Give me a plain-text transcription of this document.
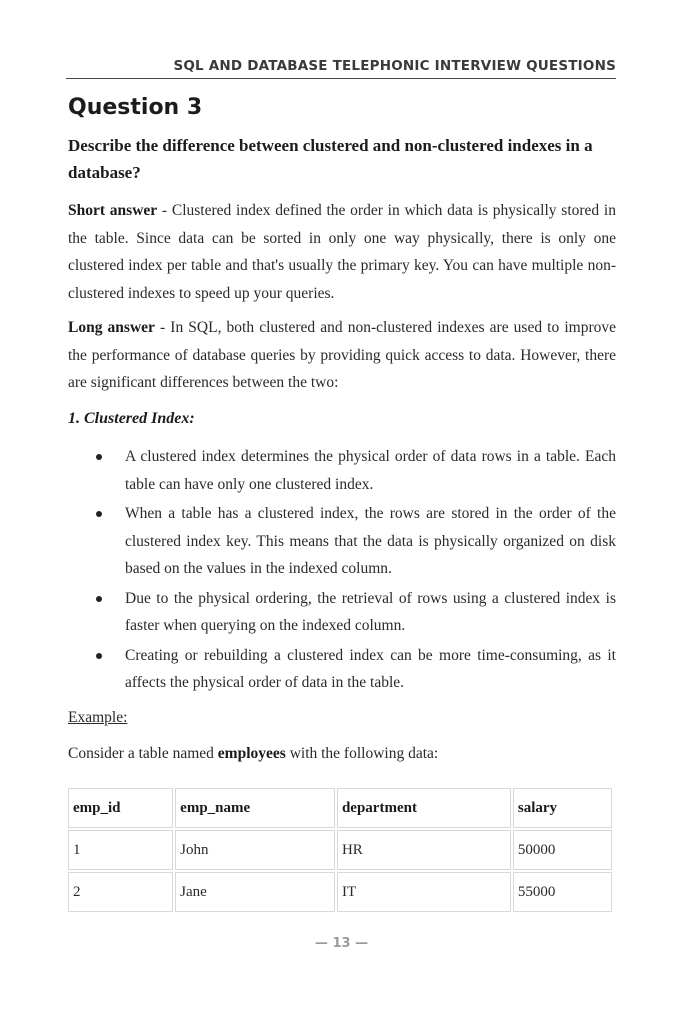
SQL AND DATABASE TELEPHONIC INTERVIEW QUESTIONS
Question 3
Describe the difference between clustered and non-clustered indexes in a database?
Short answer - Clustered index defined the order in which data is physically stored in the table. Since data can be sorted in only one way physically, there is only one clustered index per table and that's usually the primary key. You can have multiple non-clustered indexes to speed up your queries.
Long answer - In SQL, both clustered and non-clustered indexes are used to improve the performance of database queries by providing quick access to data. However, there are significant differences between the two:
1. Clustered Index:
A clustered index determines the physical order of data rows in a table. Each table can have only one clustered index.
When a table has a clustered index, the rows are stored in the order of the clustered index key. This means that the data is physically organized on disk based on the values in the indexed column.
Due to the physical ordering, the retrieval of rows using a clustered index is faster when querying on the indexed column.
Creating or rebuilding a clustered index can be more time-consuming, as it affects the physical order of data in the table.
Example:
Consider a table named employees with the following data:
emp_id	emp_name	department	salary
1	John	HR	50000
2	Jane	IT	55000
— 13 —
